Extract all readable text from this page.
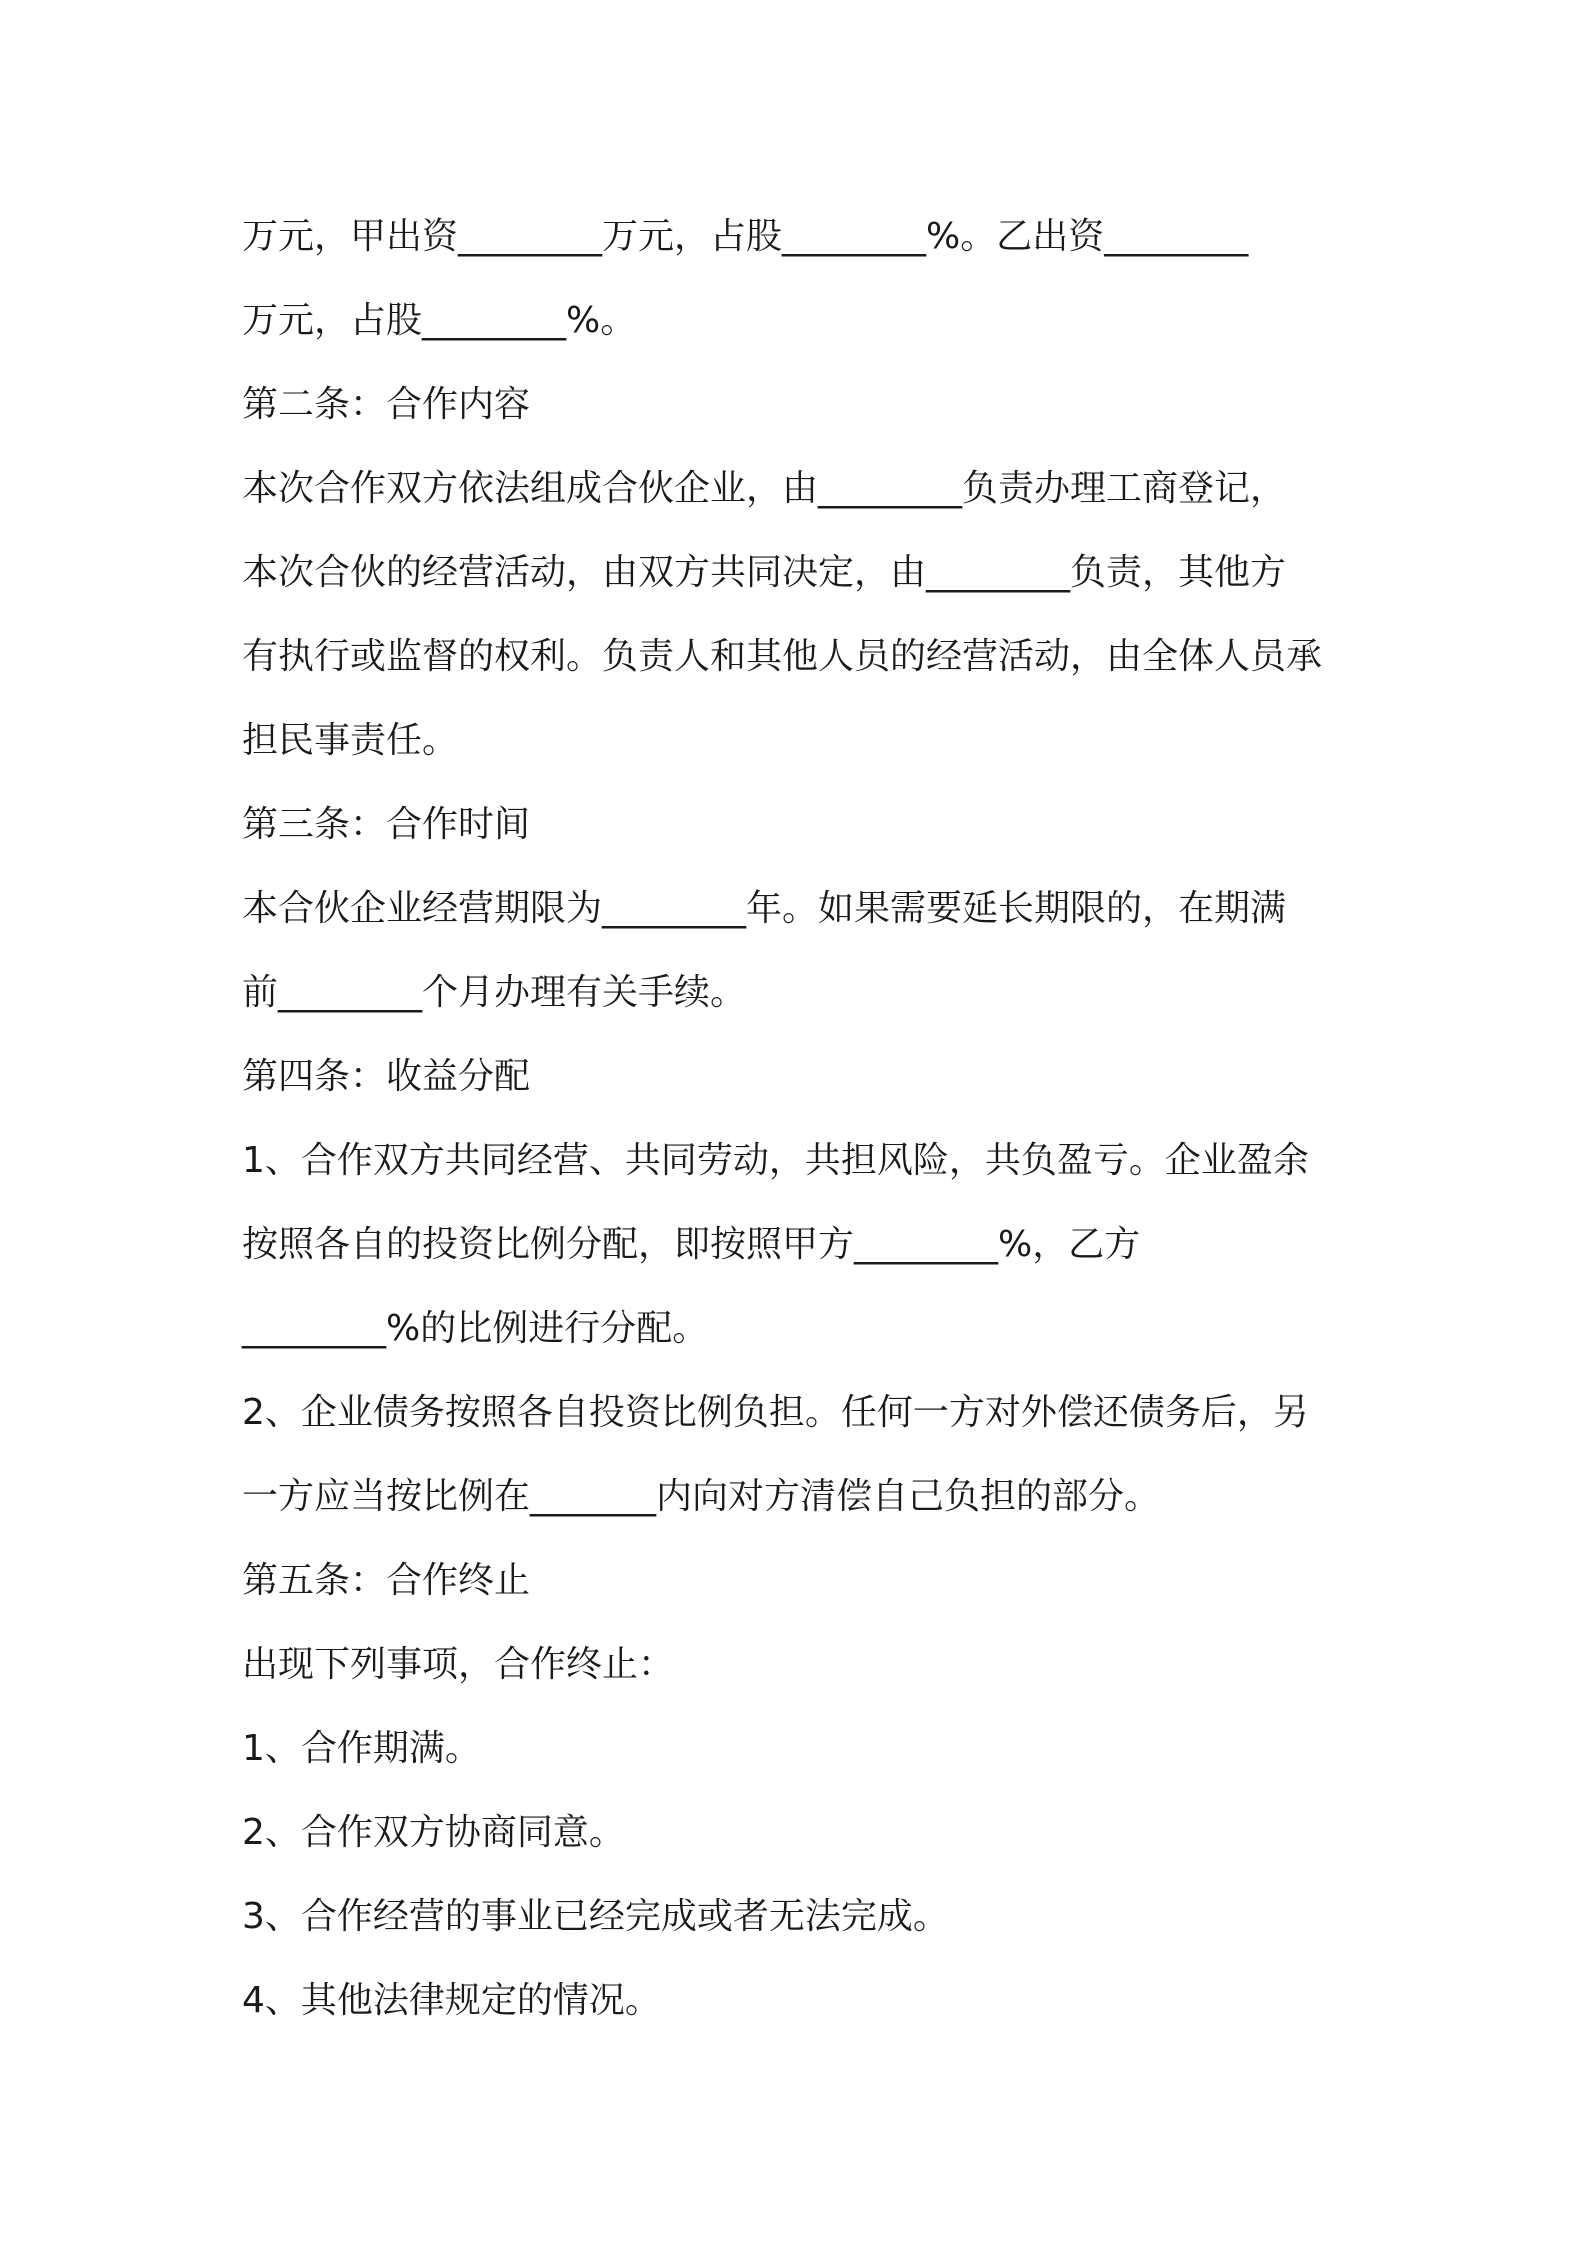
万元，甲出资________万元，占股________%。乙出资________
万元，占股________%。
第二条：合作内容
本次合作双方依法组成合伙企业，由________负责办理工商登记，
本次合伙的经营活动，由双方共同决定，由________负责，其他方
有执行或监督的权利。负责人和其他人员的经营活动，由全体人员承
担民事责任。
第三条：合作时间
本合伙企业经营期限为________年。如果需要延长期限的，在期满
前________个月办理有关手续。
第四条：收益分配
1、合作双方共同经营、共同劳动，共担风险，共负盈亏。企业盈余
按照各自的投资比例分配，即按照甲方________%，乙方
________%的比例进行分配。
2、企业债务按照各自投资比例负担。任何一方对外偿还债务后，另
一方应当按比例在_______内向对方清偿自己负担的部分。
第五条：合作终止
出现下列事项，合作终止：
1、合作期满。
2、合作双方协商同意。
3、合作经营的事业已经完成或者无法完成。
4、其他法律规定的情况。
